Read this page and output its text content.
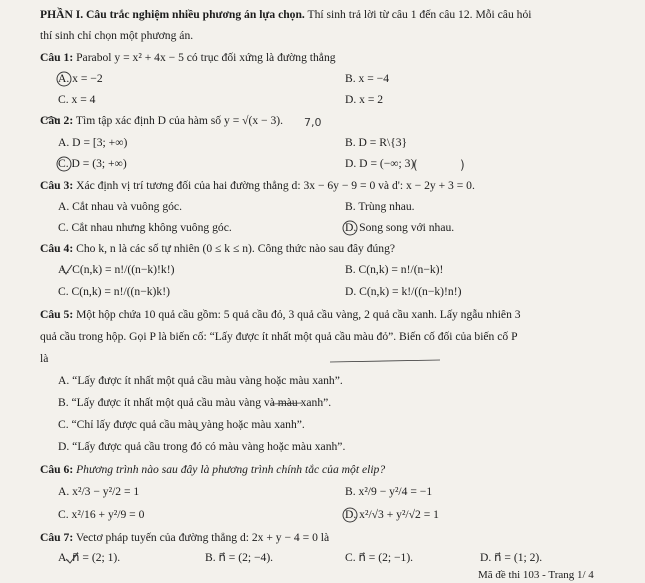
PHẦN I. Câu trắc nghiệm nhiều phương án lựa chọn. Thí sinh trả lời từ câu 1 đến câu 12. Mỗi câu hỏi
thí sinh chỉ chọn một phương án.
Câu 1: Parabol y = x² + 4x − 5 có trục đối xứng là đường thẳng
A. x = −2	B. x = −4
C. x = 4	D. x = 2
Câu 2: Tìm tập xác định D của hàm số y = √(x − 3).
A. D = [3; +∞)	B. D = R\{3}
C. D = (3; +∞)	D. D = (−∞; 3)
Câu 3: Xác định vị trí tương đối của hai đường thẳng d: 3x − 6y − 9 = 0 và d': x − 2y + 3 = 0.
A. Cắt nhau và vuông góc.	B. Trùng nhau.
C. Cắt nhau nhưng không vuông góc.	D. Song song với nhau.
Câu 4: Cho k, n là các số tự nhiên (0 ≤ k ≤ n). Công thức nào sau đây đúng?
A. C(n,k) = n!/((n−k)!k!)	B. C(n,k) = n!/(n−k)!
C. C(n,k) = n!/((n−k)k!)	D. C(n,k) = k!/((n−k)!n!)
Câu 5: Một hộp chứa 10 quả cầu gồm: 5 quả cầu đỏ, 3 quả cầu vàng, 2 quả cầu xanh. Lấy ngẫu nhiên 3
quả cầu trong hộp. Gọi P là biến cố: “Lấy được ít nhất một quả cầu màu đỏ”. Biến cố đối của biến cố P
là
A. “Lấy được ít nhất một quả cầu màu vàng hoặc màu xanh”.
B. “Lấy được ít nhất một quả cầu màu vàng và màu xanh”.
C. “Chỉ lấy được quả cầu màu vàng hoặc màu xanh”.
D. “Lấy được quả cầu trong đó có màu vàng hoặc màu xanh”.
Câu 6: Phương trình nào sau đây là phương trình chính tắc của một elip?
A. x²/3 − y²/2 = 1	B. x²/9 − y²/4 = −1
C. x²/16 + y²/9 = 0	D. x²/√3 + y²/√2 = 1
Câu 7: Vectơ pháp tuyến của đường thẳng d: 2x + y − 4 = 0 là
A. n⃗ = (2; 1).	B. n⃗ = (2; −4).	C. n⃗ = (2; −1).	D. n⃗ = (1; 2).
Mã đề thi 103 - Trang 1/ 4
7,0
(	)
